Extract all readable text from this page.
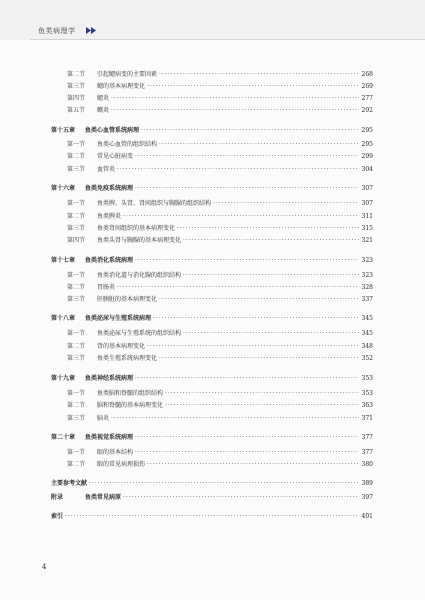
鱼类病理学
第二节	引起鳃病变的主要因素 ·····	268
第三节	鳃的基本病理变化 ·····	269
第四节	鳃炎 ·····	277
第五节	鳔炎 ·····	292
第十五章	鱼类心血管系统病理 ·····	295
第一节	鱼类心血管的组织结构 ·····	295
第二节	常见心脏病变 ·····	299
第三节	血管炎 ·····	304
第十六章	鱼类免疫系统病理 ·····	307
第一节	鱼类脾、头肾、肾间组织与胸腺的组织结构 ·····	307
第二节	鱼类脾炎 ·····	311
第三节	鱼类肾间组织的基本病理变化 ·····	315
第四节	鱼类头肾与胸腺的基本病理变化 ·····	321
第十七章	鱼类消化系统病理 ·····	323
第一节	鱼类消化道与消化腺的组织结构 ·····	323
第二节	胃肠炎 ·····	328
第三节	肝胰脏的基本病理变化 ·····	337
第十八章	鱼类泌尿与生殖系统病理 ·····	345
第一节	鱼类泌尿与生殖系统的组织结构 ·····	345
第二节	肾的基本病理变化 ·····	348
第三节	鱼类生殖系统病理变化 ·····	352
第十九章	鱼类神经系统病理 ·····	353
第一节	鱼类脑和脊髓的组织结构 ·····	353
第二节	脑和脊髓的基本病理变化 ·····	363
第三节	脑炎 ·····	371
第二十章	鱼类视觉系统病理 ·····	377
第一节	眼的基本结构 ·····	377
第二节	眼的常见病理损伤 ·····	380
主要参考文献 ·····	389
附录	鱼类常见病原 ·····	397
索引 ·····	401
4
